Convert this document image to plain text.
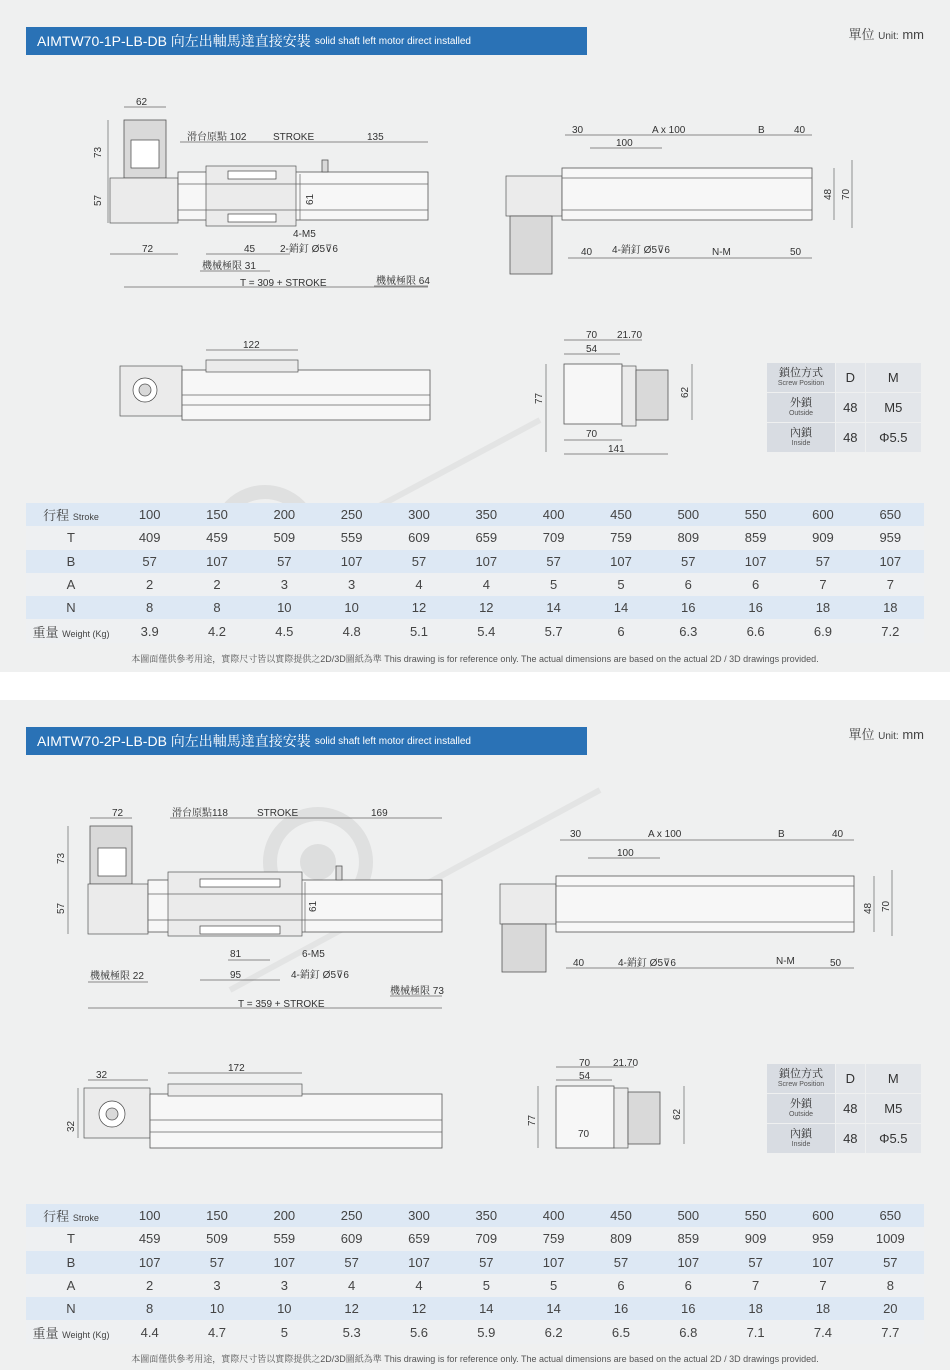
AIMTW70-1P-LB-DB 向左出軸馬達直接安裝 solid shaft left motor direct installed	單位 Unit: mm
62
73
57
滑台原點 102	STROKE	135
61
4-M5
72	45 2-銷釘 Ø5⊽6
機械極限 31
T = 309 + STROKE	機械極限 64
30	A x 100	B	40
100
48 70
40 4-銷釘 Ø5⊽6	N-M	50
122
70 21.70
54
77
62
70
141
鎖位方式
Screw Position	D	M

外鎖
Outside	48	M5

內鎖
Inside	48	Φ5.5
行程 Stroke	100	150	200	250	300	350	400	450	500	550	600	650
T	409	459	509	559	609	659	709	759	809	859	909	959
B	57	107	57	107	57	107	57	107	57	107	57	107
A	2	2	3	3	4	4	5	5	6	6	7	7
N	8	8	10	10	12	12	14	14	16	16	18	18
重量 Weight (Kg)	3.9	4.2	4.5	4.8	5.1	5.4	5.7	6	6.3	6.6	6.9	7.2
本圖面僅供參考用途，實際尺寸皆以實際提供之2D/3D圖紙為準 This drawing is for reference only. The actual dimensions are based on the actual 2D / 3D drawings provided.
AIMTW70-2P-LB-DB 向左出軸馬達直接安裝 solid shaft left motor direct installed	單位 Unit: mm
72	滑台原點118	STROKE	169
73
57	61
81	6-M5
95	4-銷釘 Ø5⊽6
機械極限 22
機械極限 73
T = 359 + STROKE
30	A x 100	B	40
100
48 70
40	4-銷釘 Ø5⊽6	N-M	50
32
172
32
70 21.70
54
77
62
70
鎖位方式
Screw Position	D	M

外鎖
Outside	48	M5

內鎖
Inside	48	Φ5.5
行程 Stroke	100	150	200	250	300	350	400	450	500	550	600	650
T	459	509	559	609	659	709	759	809	859	909	959	1009
B	107	57	107	57	107	57	107	57	107	57	107	57
A	2	3	3	4	4	5	5	6	6	7	7	8
N	8	10	10	12	12	14	14	16	16	18	18	20
重量 Weight (Kg)	4.4	4.7	5	5.3	5.6	5.9	6.2	6.5	6.8	7.1	7.4	7.7
本圖面僅供參考用途，實際尺寸皆以實際提供之2D/3D圖紙為準 This drawing is for reference only. The actual dimensions are based on the actual 2D / 3D drawings provided.
